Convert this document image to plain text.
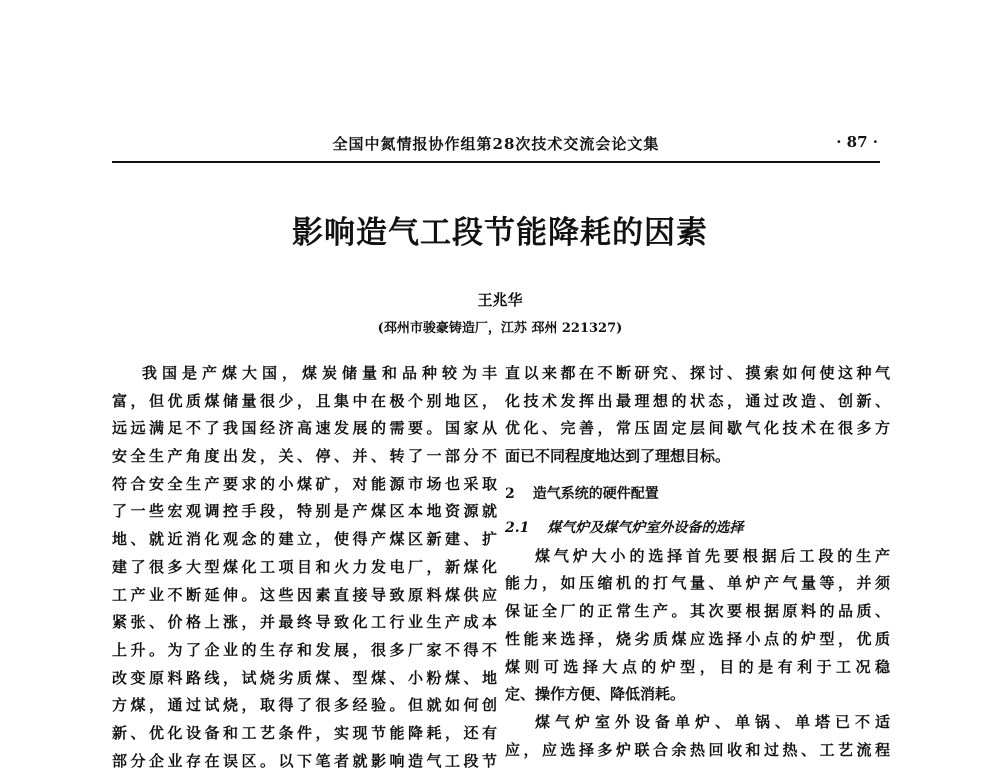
全国中氮情报协作组第28次技术交流会论文集	· 87 ·
影响造气工段节能降耗的因素
王兆华
(邳州市骏豪铸造厂，江苏 邳州 221327)
我国是产煤大国，煤炭储量和品种较为丰
富，但优质煤储量很少，且集中在极个别地区，
远远满足不了我国经济高速发展的需要。国家从
安全生产角度出发，关、停、并、转了一部分不
符合安全生产要求的小煤矿，对能源市场也采取
了一些宏观调控手段，特别是产煤区本地资源就
地、就近消化观念的建立，使得产煤区新建、扩
建了很多大型煤化工项目和火力发电厂，新煤化
工产业不断延伸。这些因素直接导致原料煤供应
紧张、价格上涨，并最终导致化工行业生产成本
上升。为了企业的生存和发展，很多厂家不得不
改变原料路线，试烧劣质煤、型煤、小粉煤、地
方煤，通过试烧，取得了很多经验。但就如何创
新、优化设备和工艺条件，实现节能降耗，还有
部分企业存在误区。以下笔者就影响造气工段节
直以来都在不断研究、探讨、摸索如何使这种气
化技术发挥出最理想的状态，通过改造、创新、
优化、完善，常压固定层间歇气化技术在很多方
面已不同程度地达到了理想目标。
2 造气系统的硬件配置
2.1 煤气炉及煤气炉室外设备的选择
煤气炉大小的选择首先要根据后工段的生产
能力，如压缩机的打气量、单炉产气量等，并须
保证全厂的正常生产。其次要根据原料的品质、
性能来选择，烧劣质煤应选择小点的炉型，优质
煤则可选择大点的炉型，目的是有利于工况稳
定、操作方便、降低消耗。
煤气炉室外设备单炉、单锅、单塔已不适
应，应选择多炉联合余热回收和过热、工艺流程
